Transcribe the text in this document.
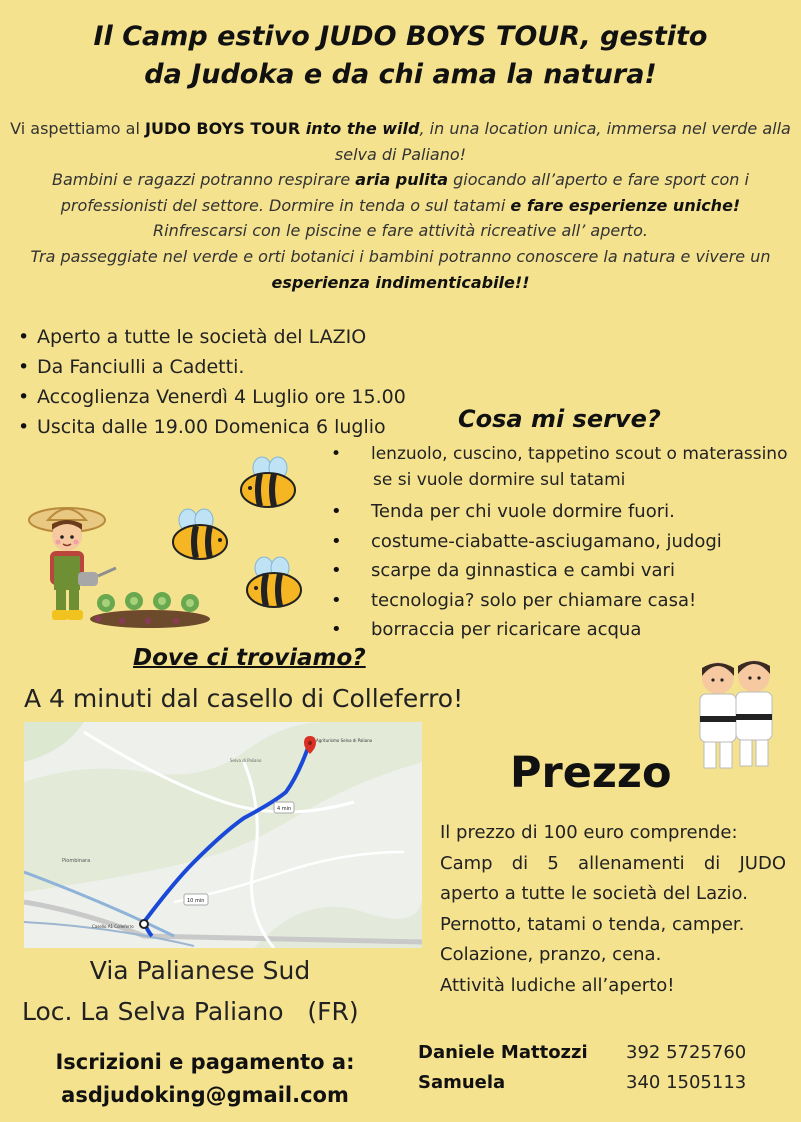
Il Camp estivo JUDO BOYS TOUR, gestito
da Judoka e da chi ama la natura!

Vi aspettiamo al JUDO BOYS TOUR into the wild, in una location unica, immersa nel verde alla selva di Paliano!

Bambini e ragazzi potranno respirare aria pulita giocando all’aperto e fare sport con i professionisti del settore. Dormire in tenda o sul tatami e fare esperienze uniche!

Rinfrescarsi con le piscine e fare attività ricreative all’ aperto.

Tra passeggiate nel verde e orti botanici i bambini potranno conoscere la natura e vivere un esperienza indimenticabile!!

• Aperto a tutte le società del LAZIO
• Da Fanciulli a Cadetti.
• Accoglienza Venerdì 4 Luglio ore 15.00
• Uscita dalle 19.00 Domenica 6 luglio	Cosa mi serve?
• lenzuolo, cuscino, tappetino scout o materassino se si vuole dormire sul tatami
• Tenda per chi vuole dormire fuori.
• costume-ciabatte-asciugamano, judogi
• scarpe da ginnastica e cambi vari
• tecnologia? solo per chiamare casa!
• borraccia per ricaricare acqua
Dove ci troviamo?
A 4 minuti dal casello di Colleferro!
Agriturismo Selva di Paliano
Piombinara
Casello A1 Colleferro
Selva di Paliano
4 min
10 min
Via Palianese Sud
Loc. La Selva Paliano   (FR)
Iscrizioni e pagamento a:
asdjudoking@gmail.com
Prezzo
Il prezzo di 100 euro comprende:
Camp di 5 allenamenti di JUDO
aperto a tutte le società del Lazio.
Pernotto, tatami o tenda, camper.
Colazione, pranzo, cena.
Attività ludiche all’aperto!
Daniele Mattozzi	392 5725760
Samuela	340 1505113
